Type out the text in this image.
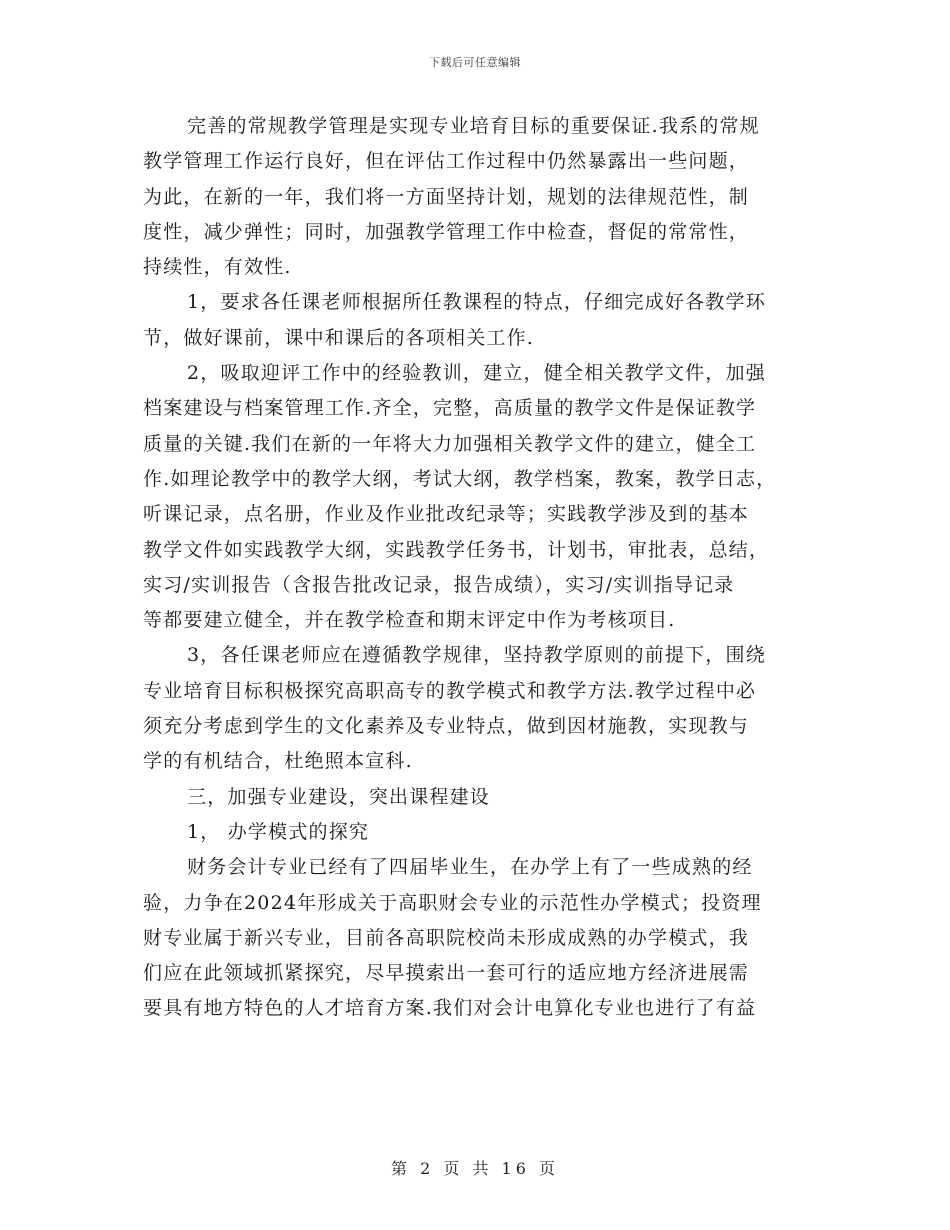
下载后可任意编辑
完善的常规教学管理是实现专业培育目标的重要保证.我系的常规
教学管理工作运行良好，但在评估工作过程中仍然暴露出一些问题，
为此，在新的一年，我们将一方面坚持计划，规划的法律规范性，制
度性，减少弹性；同时，加强教学管理工作中检查，督促的常常性，
持续性，有效性.
1，要求各任课老师根据所任教课程的特点，仔细完成好各教学环
节，做好课前，课中和课后的各项相关工作.
2，吸取迎评工作中的经验教训，建立，健全相关教学文件，加强
档案建设与档案管理工作.齐全，完整，高质量的教学文件是保证教学
质量的关键.我们在新的一年将大力加强相关教学文件的建立，健全工
作.如理论教学中的教学大纲，考试大纲，教学档案，教案，教学日志，
听课记录，点名册，作业及作业批改纪录等；实践教学涉及到的基本
教学文件如实践教学大纲，实践教学任务书，计划书，审批表，总结，
实习/实训报告（含报告批改记录，报告成绩），实习/实训指导记录
等都要建立健全，并在教学检查和期末评定中作为考核项目.
3，各任课老师应在遵循教学规律，坚持教学原则的前提下，围绕
专业培育目标积极探究高职高专的教学模式和教学方法.教学过程中必
须充分考虑到学生的文化素养及专业特点，做到因材施教，实现教与
学的有机结合，杜绝照本宣科.
三，加强专业建设，突出课程建设
1， 办学模式的探究
财务会计专业已经有了四届毕业生，在办学上有了一些成熟的经
验，力争在2024年形成关于高职财会专业的示范性办学模式；投资理
财专业属于新兴专业，目前各高职院校尚未形成成熟的办学模式，我
们应在此领域抓紧探究，尽早摸索出一套可行的适应地方经济进展需
要具有地方特色的人才培育方案.我们对会计电算化专业也进行了有益
第 2 页 共 16 页
